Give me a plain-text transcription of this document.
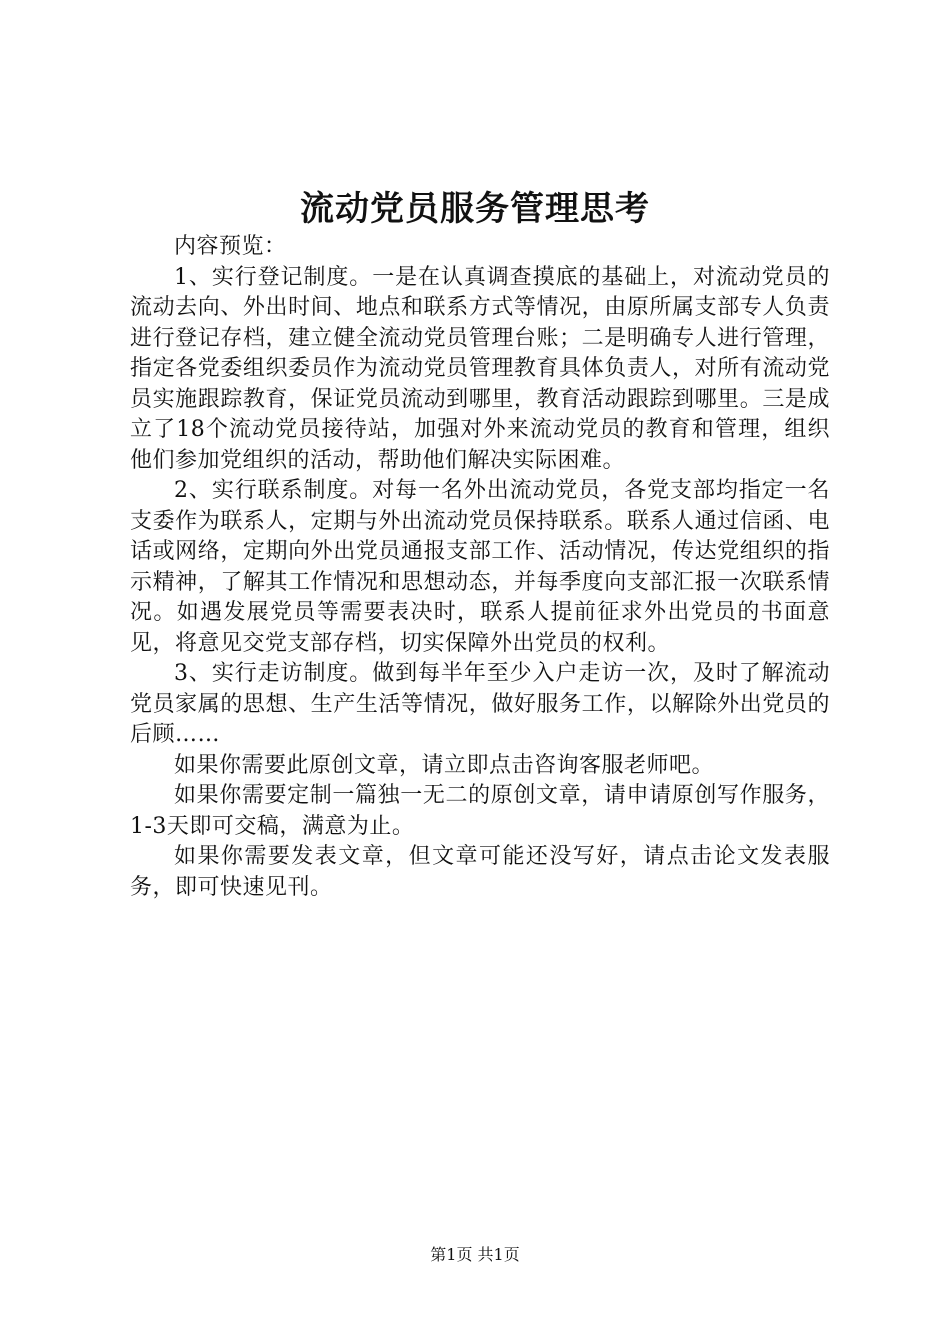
流动党员服务管理思考

内容预览：

1、实行登记制度。一是在认真调查摸底的基础上，对流动党员的流动去向、外出时间、地点和联系方式等情况，由原所属支部专人负责进行登记存档，建立健全流动党员管理台账；二是明确专人进行管理，指定各党委组织委员作为流动党员管理教育具体负责人，对所有流动党员实施跟踪教育，保证党员流动到哪里，教育活动跟踪到哪里。三是成立了18个流动党员接待站，加强对外来流动党员的教育和管理，组织他们参加党组织的活动，帮助他们解决实际困难。

2、实行联系制度。对每一名外出流动党员，各党支部均指定一名支委作为联系人，定期与外出流动党员保持联系。联系人通过信函、电话或网络，定期向外出党员通报支部工作、活动情况，传达党组织的指示精神，了解其工作情况和思想动态，并每季度向支部汇报一次联系情况。如遇发展党员等需要表决时，联系人提前征求外出党员的书面意见，将意见交党支部存档，切实保障外出党员的权利。

3、实行走访制度。做到每半年至少入户走访一次，及时了解流动党员家属的思想、生产生活等情况，做好服务工作，以解除外出党员的后顾……

如果你需要此原创文章，请立即点击咨询客服老师吧。

如果你需要定制一篇独一无二的原创文章，请申请原创写作服务，1-3天即可交稿，满意为止。

如果你需要发表文章，但文章可能还没写好，请点击论文发表服务，即可快速见刊。

第1页 共1页
